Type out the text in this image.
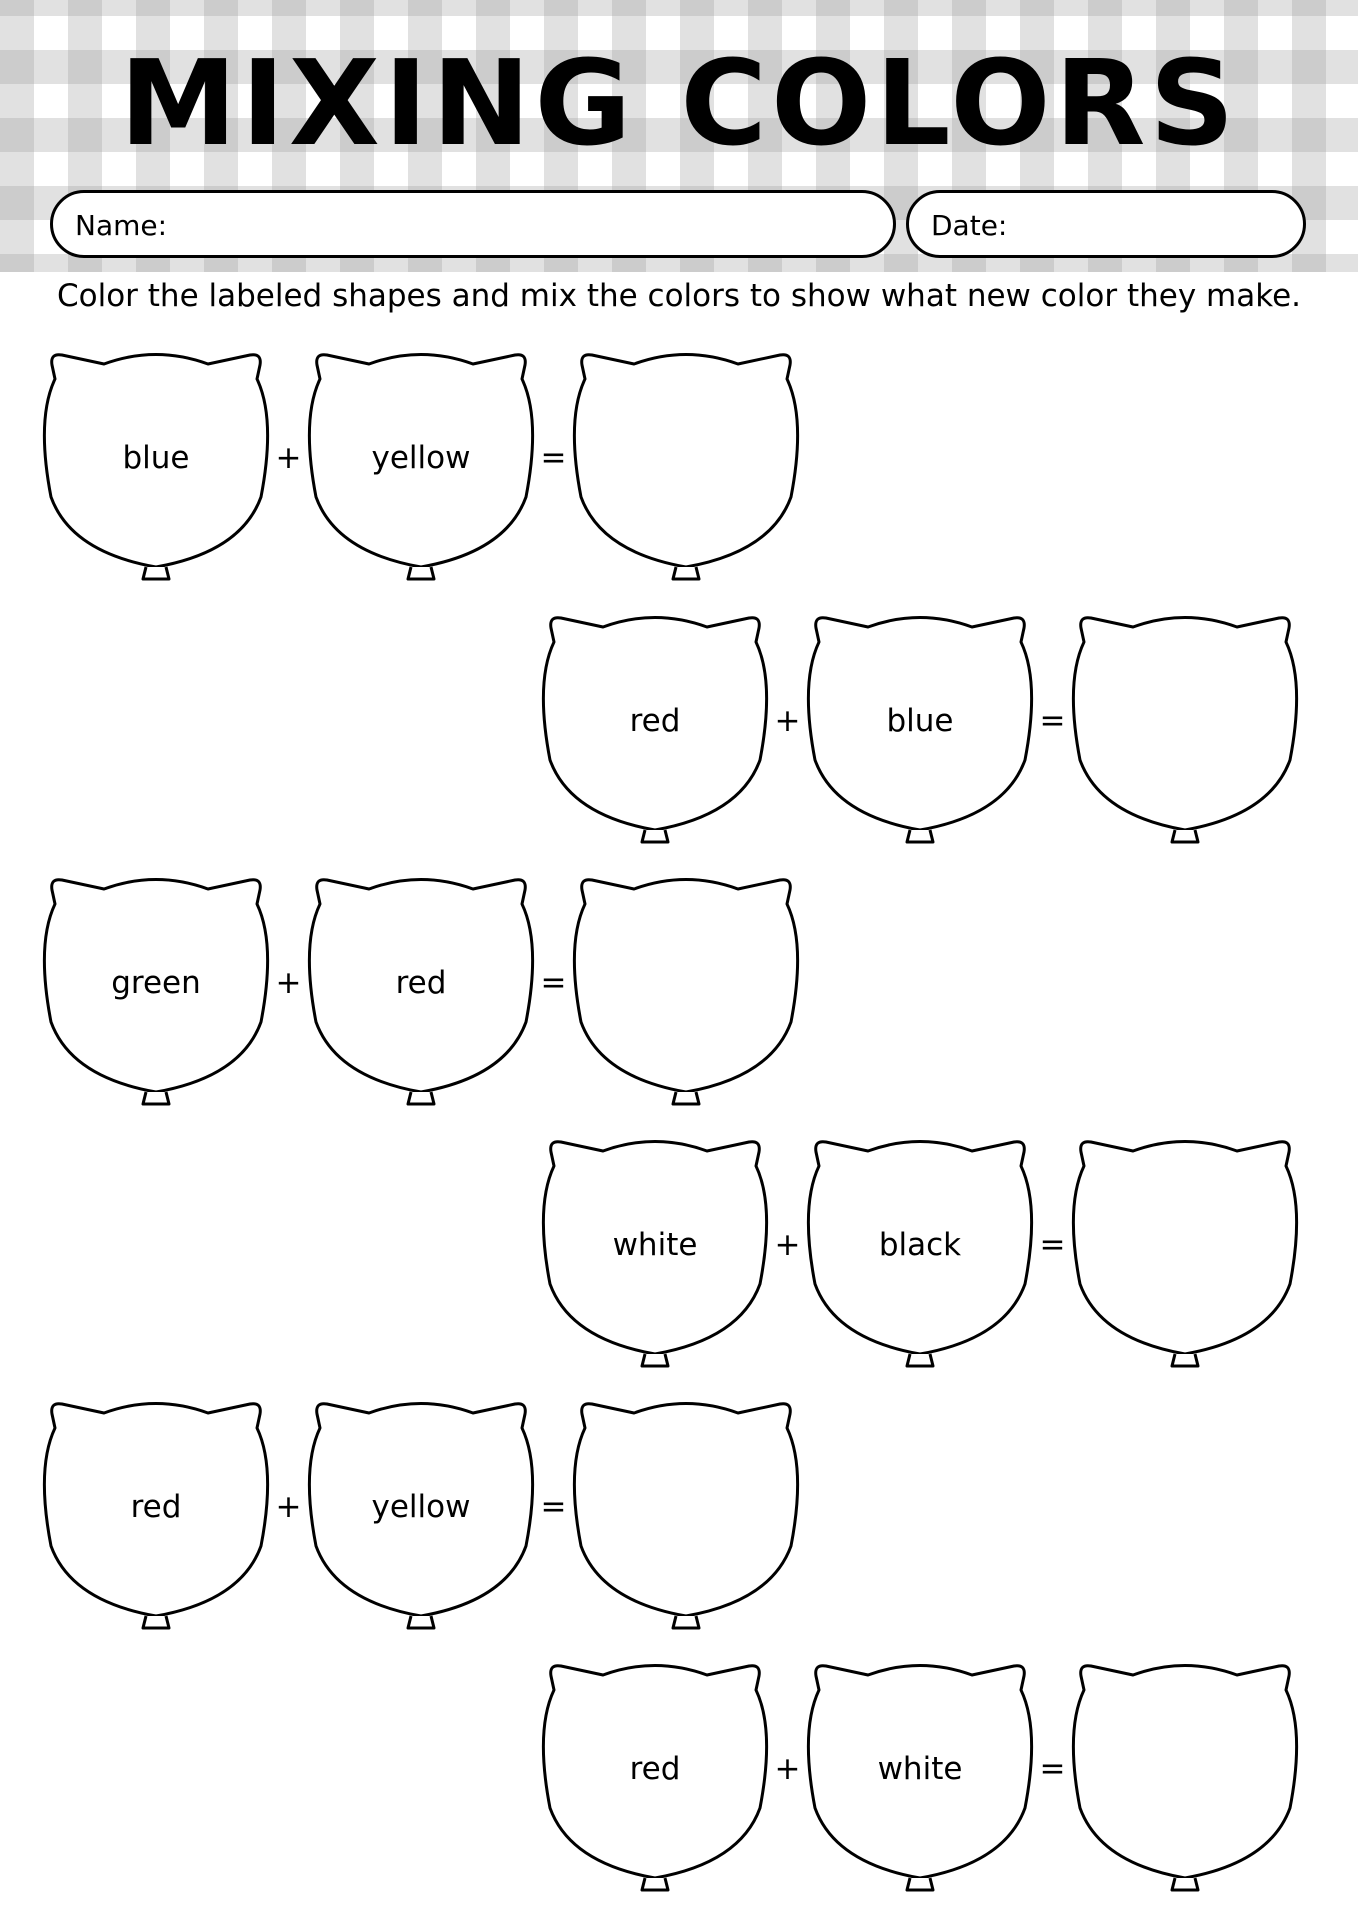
MIXING COLORS
Name:	Date:
Color the labeled shapes and mix the colors to show what new color they make.
blue	yellow
+	=
red	blue
+	=
green	red
+	=
white	black
+	=
red	yellow
+	=
red	white
+	=
